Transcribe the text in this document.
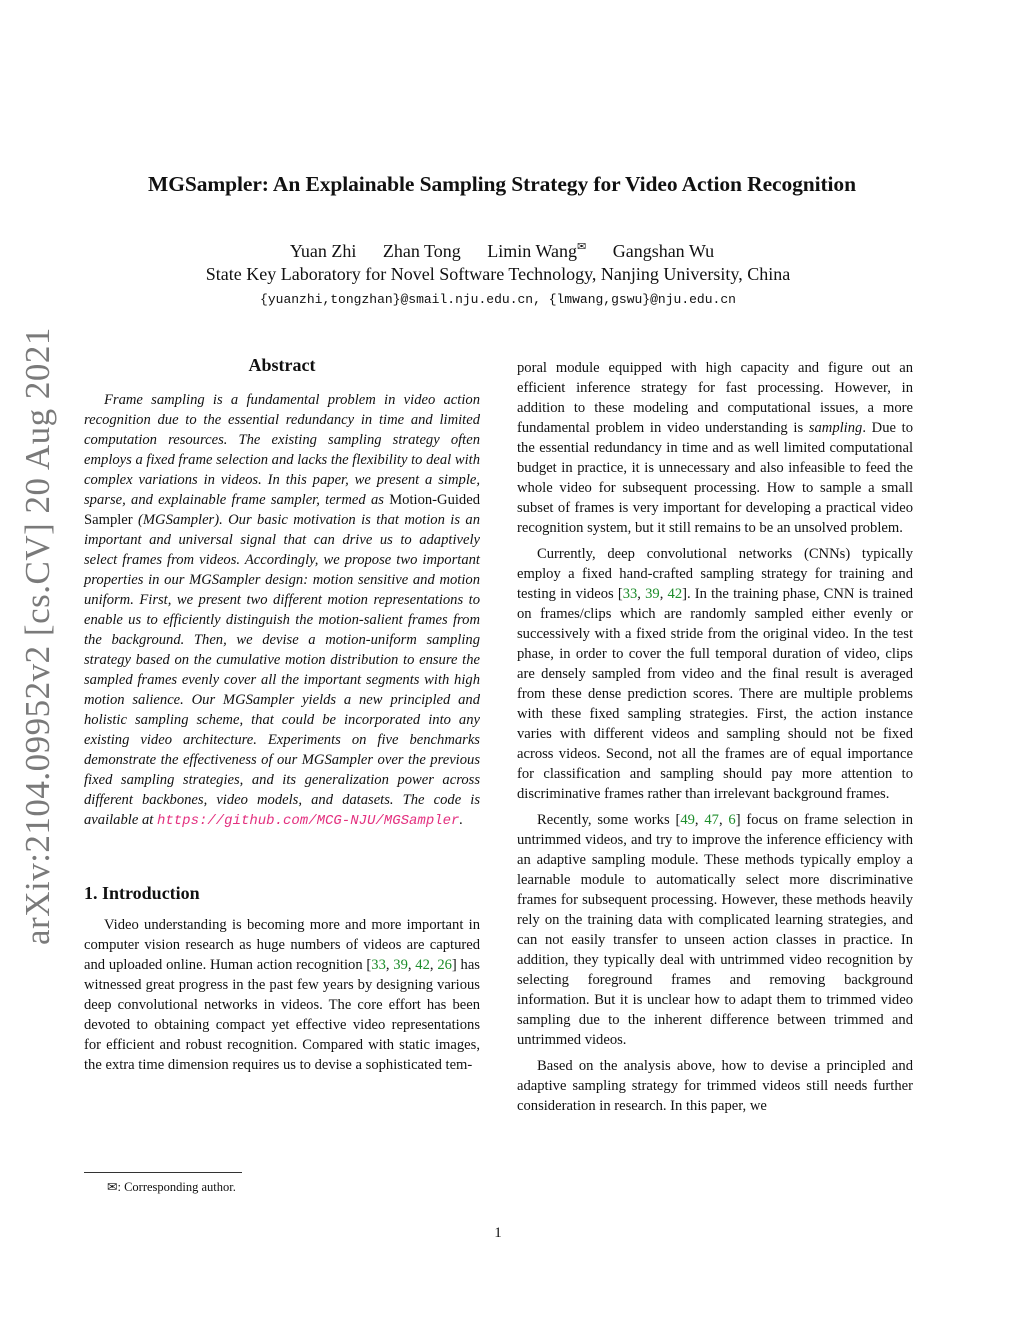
MGSampler: An Explainable Sampling Strategy for Video Action Recognition
Yuan Zhi Zhan Tong Limin Wang✉ Gangshan Wu
State Key Laboratory for Novel Software Technology, Nanjing University, China
{yuanzhi,tongzhan}@smail.nju.edu.cn, {lmwang,gswu}@nju.edu.cn
arXiv:2104.09952v2 [cs.CV] 20 Aug 2021	Abstract

Frame sampling is a fundamental problem in video action recognition due to the essential redundancy in time and limited computation resources. The existing sampling strategy often employs a fixed frame selection and lacks the flexibility to deal with complex variations in videos. In this paper, we present a simple, sparse, and explainable frame sampler, termed as Motion-Guided Sampler (MGSampler). Our basic motivation is that motion is an important and universal signal that can drive us to adaptively select frames from videos. Accordingly, we propose two important properties in our MGSampler design: motion sensitive and motion uniform. First, we present two different motion representations to enable us to efficiently distinguish the motion-salient frames from the background. Then, we devise a motion-uniform sampling strategy based on the cumulative motion distribution to ensure the sampled frames evenly cover all the important segments with high motion salience. Our MGSampler yields a new principled and holistic sampling scheme, that could be incorporated into any existing video architecture. Experiments on five benchmarks demonstrate the effectiveness of our MGSampler over the previous fixed sampling strategies, and its generalization power across different backbones, video models, and datasets. The code is available at https://github.com/MCG-NJU/MGSampler.

1. Introduction

Video understanding is becoming more and more important in computer vision research as huge numbers of videos are captured and uploaded online. Human action recognition [33, 39, 42, 26] has witnessed great progress in the past few years by designing various deep convolutional networks in videos. The core effort has been devoted to obtaining compact yet effective video representations for efficient and robust recognition. Compared with static images, the extra time dimension requires us to devise a sophisticated tem-

poral module equipped with high capacity and figure out an efficient inference strategy for fast processing. However, in addition to these modeling and computational issues, a more fundamental problem in video understanding is sampling. Due to the essential redundancy in time and as well limited computational budget in practice, it is unnecessary and also infeasible to feed the whole video for subsequent processing. How to sample a small subset of frames is very important for developing a practical video recognition system, but it still remains to be an unsolved problem.

Currently, deep convolutional networks (CNNs) typically employ a fixed hand-crafted sampling strategy for training and testing in videos [33, 39, 42]. In the training phase, CNN is trained on frames/clips which are randomly sampled either evenly or successively with a fixed stride from the original video. In the test phase, in order to cover the full temporal duration of video, clips are densely sampled from video and the final result is averaged from these dense prediction scores. There are multiple problems with these fixed sampling strategies. First, the action instance varies with different videos and sampling should not be fixed across videos. Second, not all the frames are of equal importance for classification and sampling should pay more attention to discriminative frames rather than irrelevant background frames.

Recently, some works [49, 47, 6] focus on frame selection in untrimmed videos, and try to improve the inference efficiency with an adaptive sampling module. These methods typically employ a learnable module to automatically select more discriminative frames for subsequent processing. However, these methods heavily rely on the training data with complicated learning strategies, and can not easily transfer to unseen action classes in practice. In addition, they typically deal with untrimmed video recognition by selecting foreground frames and removing background information. But it is unclear how to adapt them to trimmed video sampling due to the inherent difference between trimmed and untrimmed videos.

Based on the analysis above, how to devise a principled and adaptive sampling strategy for trimmed videos still needs further consideration in research. In this paper, we

✉: Corresponding author.
1
